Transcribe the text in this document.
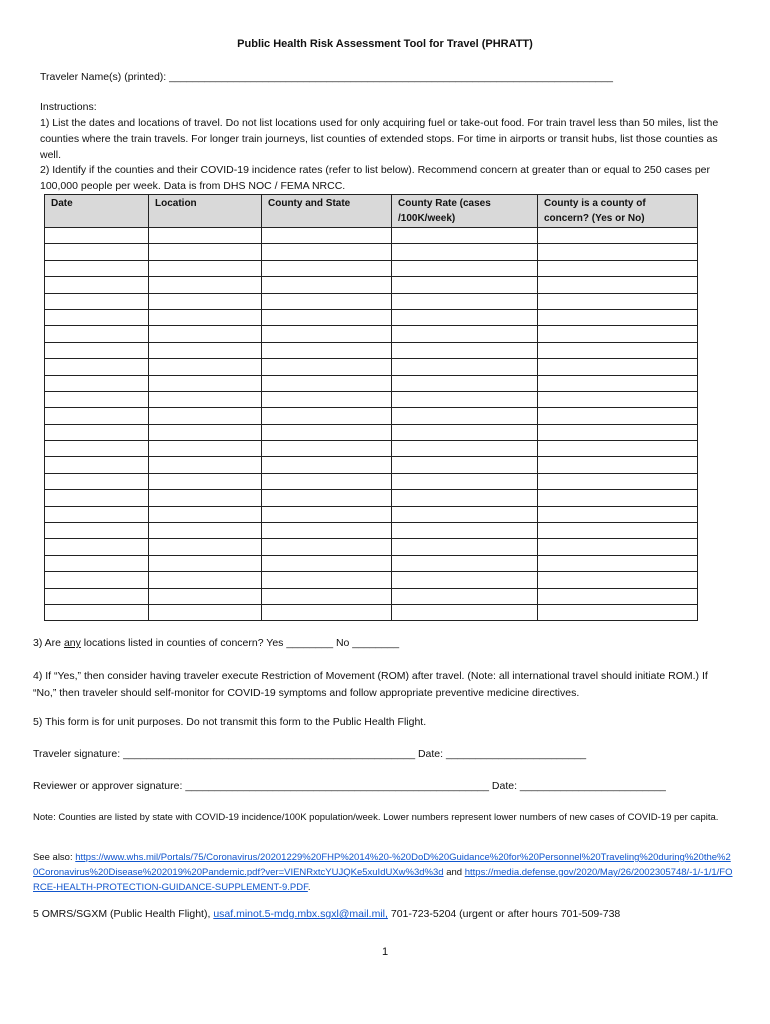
Public Health Risk Assessment Tool for Travel (PHRATT)
Traveler Name(s) (printed): ____________________________________________________________________________
Instructions:
1) List the dates and locations of travel. Do not list locations used for only acquiring fuel or take-out food. For train travel less than 50 miles, list the counties where the train travels. For longer train journeys, list counties of extended stops. For time in airports or transit hubs, list those counties as well.
2) Identify if the counties and their COVID-19 incidence rates (refer to list below). Recommend concern at greater than or equal to 250 cases per 100,000 people per week. Data is from DHS NOC / FEMA NRCC.
Date	Location	County and State	County Rate (cases /100K/week)	County is a county of concern? (Yes or No)

3) Are any locations listed in counties of concern? Yes ________ No ________
4) If “Yes,” then consider having traveler execute Restriction of Movement (ROM) after travel. (Note: all international travel should initiate ROM.) If “No,” then traveler should self-monitor for COVID-19 symptoms and follow appropriate preventive medicine directives.
5) This form is for unit purposes. Do not transmit this form to the Public Health Flight.
Traveler signature: __________________________________________________ Date: ________________________
Reviewer or approver signature: ____________________________________________________ Date: _________________________
Note: Counties are listed by state with COVID-19 incidence/100K population/week. Lower numbers represent lower numbers of new cases of COVID-19 per capita.
See also: https://www.whs.mil/Portals/75/Coronavirus/20201229%20FHP%2014%20-%20DoD%20Guidance%20for%20Personnel%20Traveling%20during%20the%20Coronavirus%20Disease%202019%20Pandemic.pdf?ver=VIENRxtcYUJQKe5xuIdUXw%3d%3d and https://media.defense.gov/2020/May/26/2002305748/-1/-1/1/FORCE-HEALTH-PROTECTION-GUIDANCE-SUPPLEMENT-9.PDF.
5 OMRS/SGXM (Public Health Flight), usaf.minot.5-mdg.mbx.sgxl@mail.mil, 701-723-5204 (urgent or after hours 701-509-738
1
